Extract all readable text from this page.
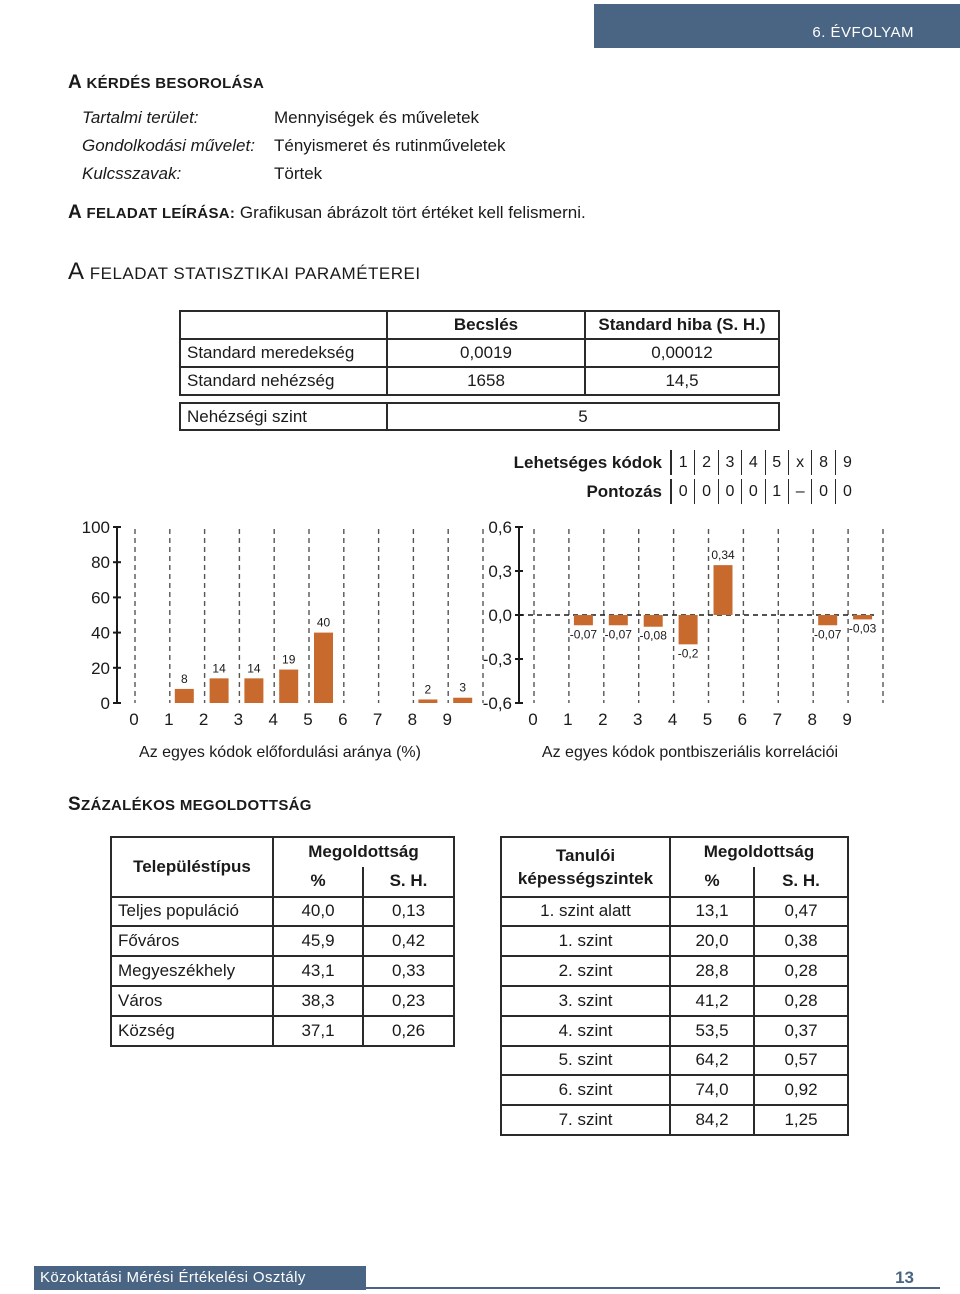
6. ÉVFOLYAM
A KÉRDÉS BESOROLÁSA
Tartalmi terület:	Mennyiségek és műveletek
Gondolkodási művelet: Tényismeret és rutinműveletek
Kulcsszavak:	Törtek
A FELADAT LEÍRÁSA: Grafikusan ábrázolt tört értéket kell felismerni.
A FELADAT STATISZTIKAI PARAMÉTEREI
	Becslés	Standard hiba (S. H.)
Standard meredekség	0,0019	0,00012
Standard nehézség	1658	14,5
Nehézségi szint	5
Lehetséges kódok	1 2 3 4 5 x 8 9
Pontozás	0 0 0 0 1 – 0 0
0
20
40
60
80
100
0 1
8
2
14
3
14
4
19
5
40
6 7 8
2
9
3
Az egyes kódok előfordulási aránya (%)
-0,6
-0,3
0,0
0,3
0,6
0 1
-0,07
2
-0,07
3
-0,08
4
-0,2
5
0,34
6 7 8
-0,07
9
-0,03
Az egyes kódok pontbiszeriális korrelációi
SZÁZALÉKOS MEGOLDOTTSÁG
Településtípus	Megoldottság	
	%	S. H.
Teljes populáció	40,0	0,13
Főváros	45,9	0,42
Megyeszékhely	43,1	0,33
Város	38,3	0,23
Község	37,1	0,26
Tanulói
képességszintek	Megoldottság	
	%	S. H.
1. szint alatt	13,1	0,47
1. szint	20,0	0,38
2. szint	28,8	0,28
3. szint	41,2	0,28
4. szint	53,5	0,37
5. szint	64,2	0,57
6. szint	74,0	0,92
7. szint	84,2	1,25
Közoktatási Mérési Értékelési Osztály	13
